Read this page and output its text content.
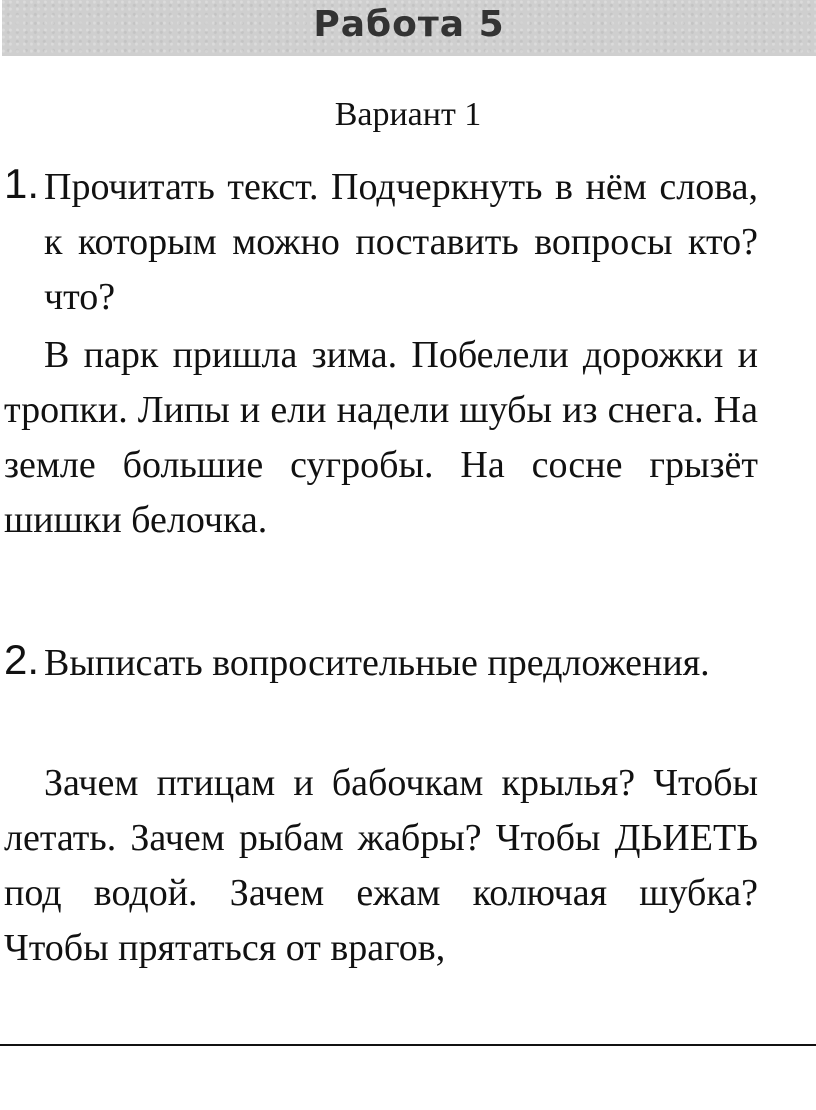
Работа 5
Вариант 1
1. Прочитать текст. Подчеркнуть в нём слова, к которым можно поставить вопросы кто? что?
В парк пришла зима. Побелели дорожки и тропки. Липы и ели надели шубы из снега. На земле большие сугробы. На сосне грызёт шишки белочка.
2. Выписать вопросительные предложения.
Зачем птицам и бабочкам крылья? Чтобы летать. Зачем рыбам жабры? Чтобы ДЬИЕТЬ под водой. Зачем ежам колючая шубка? Чтобы прятаться от врагов,
